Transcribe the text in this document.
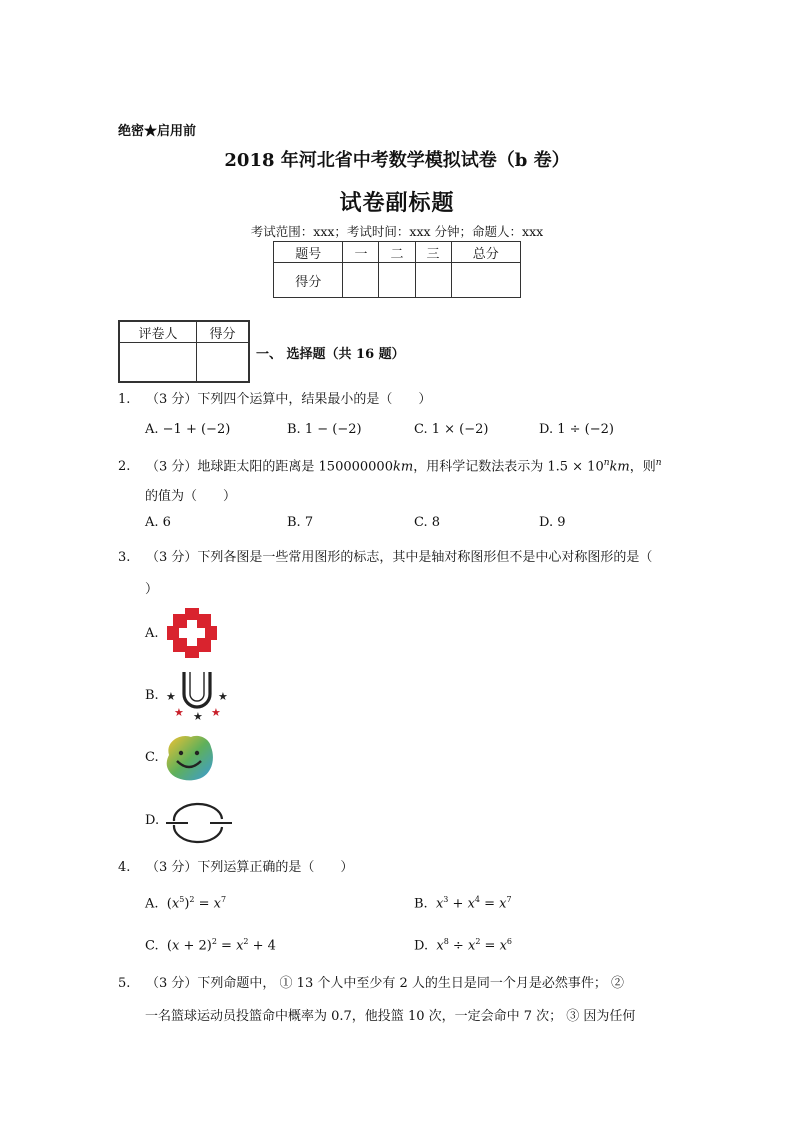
绝密★启用前
2018 年河北省中考数学模拟试卷（b 卷）
试卷副标题
考试范围：xxx；考试时间：xxx 分钟；命题人：xxx
题号	一	二	三	总分
得分				
评卷人	得分

一、 选择题（共 16 题）
1. （3 分）下列四个运算中，结果最小的是（　　）
A. −1 + (−2)	B. 1 − (−2)	C. 1 × (−2)	D. 1 ÷ (−2)
2. （3 分）地球距太阳的距离是 150000000km，用科学记数法表示为 $1.5 \times 10^nkm$，则$^n$
的值为（　　）
A. 6	B. 7	C. 8	D. 9
3. （3 分）下列各图是一些常用图形的标志，其中是轴对称图形但不是中心对称图形的是（
）
A.
B. ★	★
★ ★ ★
C.
D.
4. （3 分）下列运算正确的是（　　）
A.  $(x^5)^2 = x^7$	B. $x^3 + x^4 = x^7$
C.  $(x + 2)^2 = x^2 + 4$	D. $x^8 \div x^2 = x^6$
5. （3 分）下列命题中， ① 13 个人中至少有 2 人的生日是同一个月是必然事件； ②
一名篮球运动员投篮命中概率为 0.7，他投篮 10 次，一定会命中 7 次； ③ 因为任何
